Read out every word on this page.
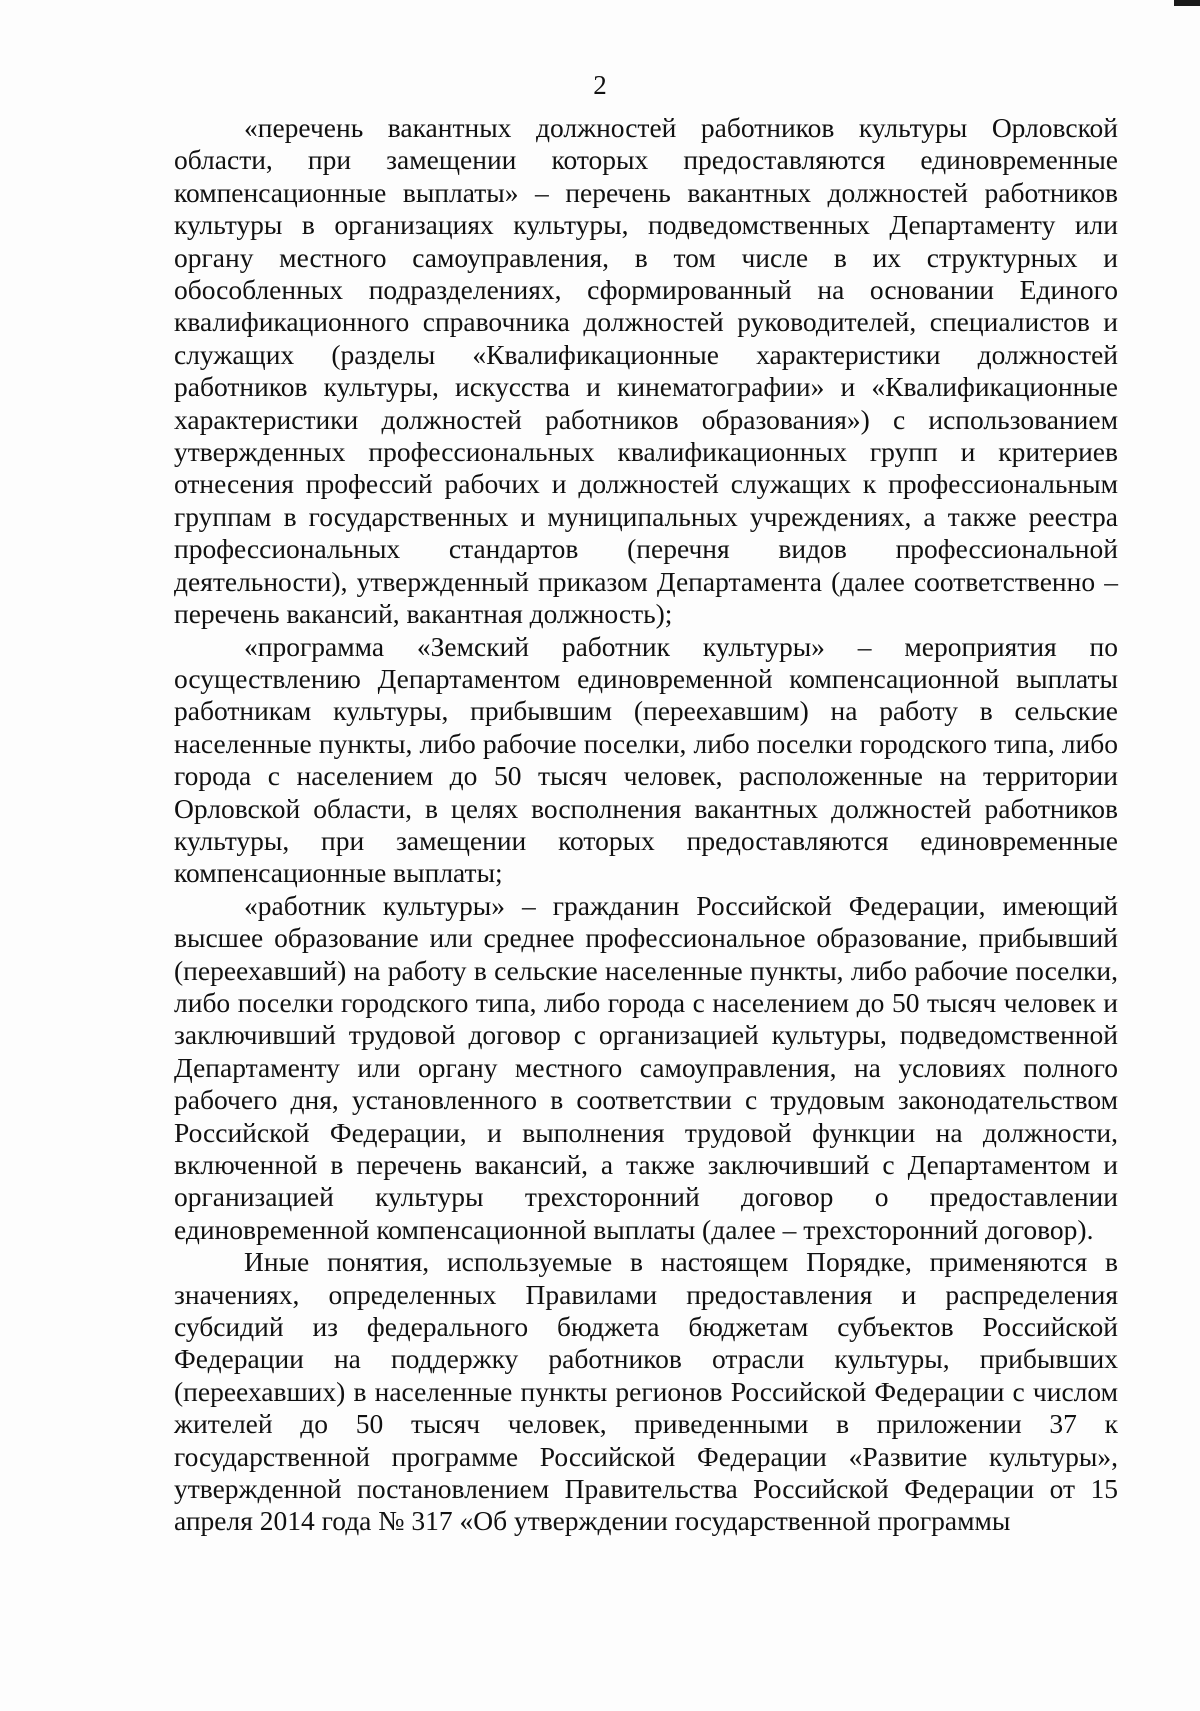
2

«перечень вакантных должностей работников культуры Орловской области, при замещении которых предоставляются единовременные компенсационные выплаты» – перечень вакантных должностей работников культуры в организациях культуры, подведомственных Департаменту или органу местного самоуправления, в том числе в их структурных и обособленных подразделениях, сформированный на основании Единого квалификационного справочника должностей руководителей, специалистов и служащих (разделы «Квалификационные характеристики должностей работников культуры, искусства и кинематографии» и «Квалификационные характеристики должностей работников образования») с использованием утвержденных профессиональных квалификационных групп и критериев отнесения профессий рабочих и должностей служащих к профессиональным группам в государственных и муниципальных учреждениях, а также реестра профессиональных стандартов (перечня видов профессиональной деятельности), утвержденный приказом Департамента (далее соответственно – перечень вакансий, вакантная должность);

«программа «Земский работник культуры» – мероприятия по осуществлению Департаментом единовременной компенсационной выплаты работникам культуры, прибывшим (переехавшим) на работу в сельские населенные пункты, либо рабочие поселки, либо поселки городского типа, либо города с населением до 50 тысяч человек, расположенные на территории Орловской области, в целях восполнения вакантных должностей работников культуры, при замещении которых предоставляются единовременные компенсационные выплаты;

«работник культуры» – гражданин Российской Федерации, имеющий высшее образование или среднее профессиональное образование, прибывший (переехавший) на работу в сельские населенные пункты, либо рабочие поселки, либо поселки городского типа, либо города с населением до 50 тысяч человек и заключивший трудовой договор с организацией культуры, подведомственной Департаменту или органу местного самоуправления, на условиях полного рабочего дня, установленного в соответствии с трудовым законодательством Российской Федерации, и выполнения трудовой функции на должности, включенной в перечень вакансий, а также заключивший с Департаментом и организацией культуры трехсторонний договор о предоставлении единовременной компенсационной выплаты (далее – трехсторонний договор).

Иные понятия, используемые в настоящем Порядке, применяются в значениях, определенных Правилами предоставления и распределения субсидий из федерального бюджета бюджетам субъектов Российской Федерации на поддержку работников отрасли культуры, прибывших (переехавших) в населенные пункты регионов Российской Федерации с числом жителей до 50 тысяч человек, приведенными в приложении 37 к государственной программе Российской Федерации «Развитие культуры», утвержденной постановлением Правительства Российской Федерации от 15 апреля 2014 года № 317 «Об утверждении государственной программы
